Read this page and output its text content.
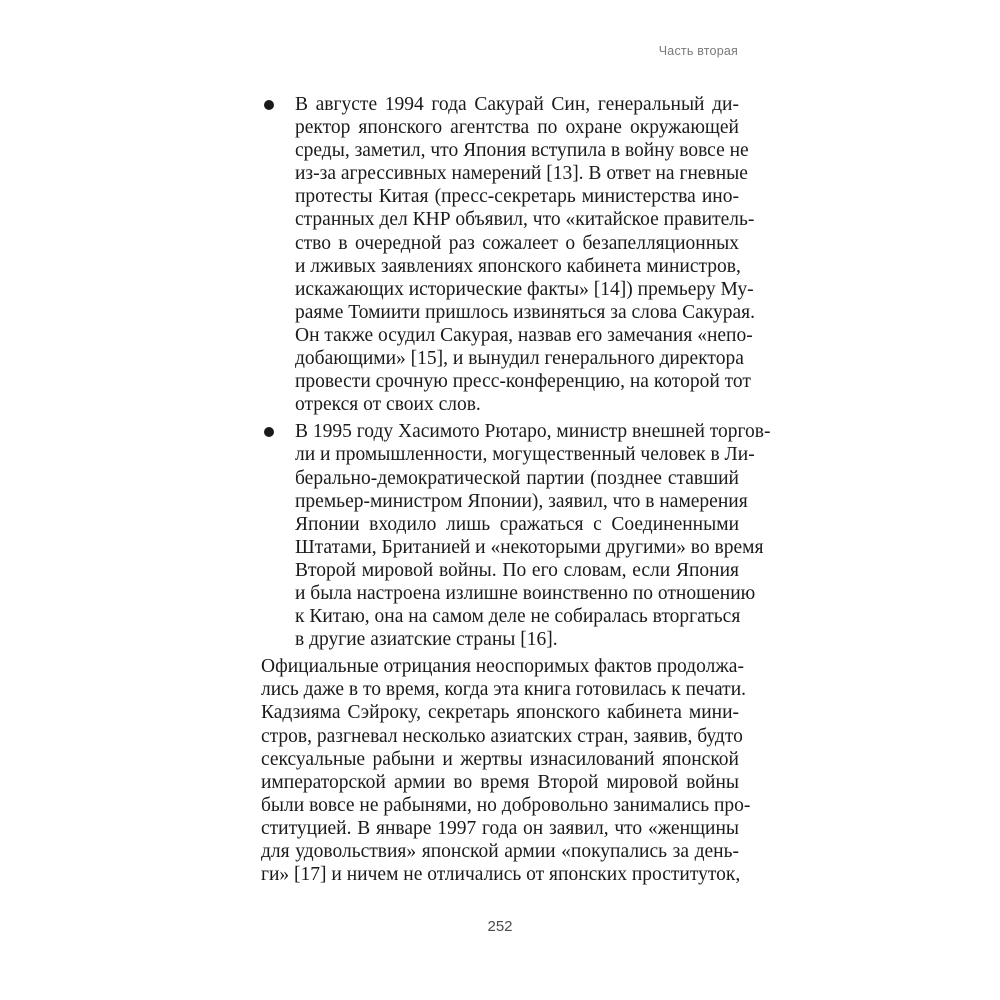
Часть вторая
В августе 1994 года Сакурай Син, генеральный ди-
ректор японского агентства по охране окружающей
среды, заметил, что Япония вступила в войну вовсе не
из-за агрессивных намерений [13]. В ответ на гневные
протесты Китая (пресс-секретарь министерства ино-
странных дел КНР объявил, что «китайское правитель-
ство в очередной раз сожалеет о безапелляционных
и лживых заявлениях японского кабинета министров,
искажающих исторические факты» [14]) премьеру Му-
раяме Томиити пришлось извиняться за слова Сакурая.
Он также осудил Сакурая, назвав его замечания «непо-
добающими» [15], и вынудил генерального директора
провести срочную пресс-конференцию, на которой тот
отрекся от своих слов.
В 1995 году Хасимото Рютаро, министр внешней торгов-
ли и промышленности, могущественный человек в Ли-
берально-демократической партии (позднее ставший
премьер-министром Японии), заявил, что в намерения
Японии входило лишь сражаться с Соединенными
Штатами, Британией и «некоторыми другими» во время
Второй мировой войны. По его словам, если Япония
и была настроена излишне воинственно по отношению
к Китаю, она на самом деле не собиралась вторгаться
в другие азиатские страны [16].

Официальные отрицания неоспоримых фактов продолжа-
лись даже в то время, когда эта книга готовилась к печати.
Кадзияма Сэйроку, секретарь японского кабинета мини-
стров, разгневал несколько азиатских стран, заявив, будто
сексуальные рабыни и жертвы изнасилований японской
императорской армии во время Второй мировой войны
были вовсе не рабынями, но добровольно занимались про-
ституцией. В январе 1997 года он заявил, что «женщины
для удовольствия» японской армии «покупались за день-
ги» [17] и ничем не отличались от японских проституток,

252
